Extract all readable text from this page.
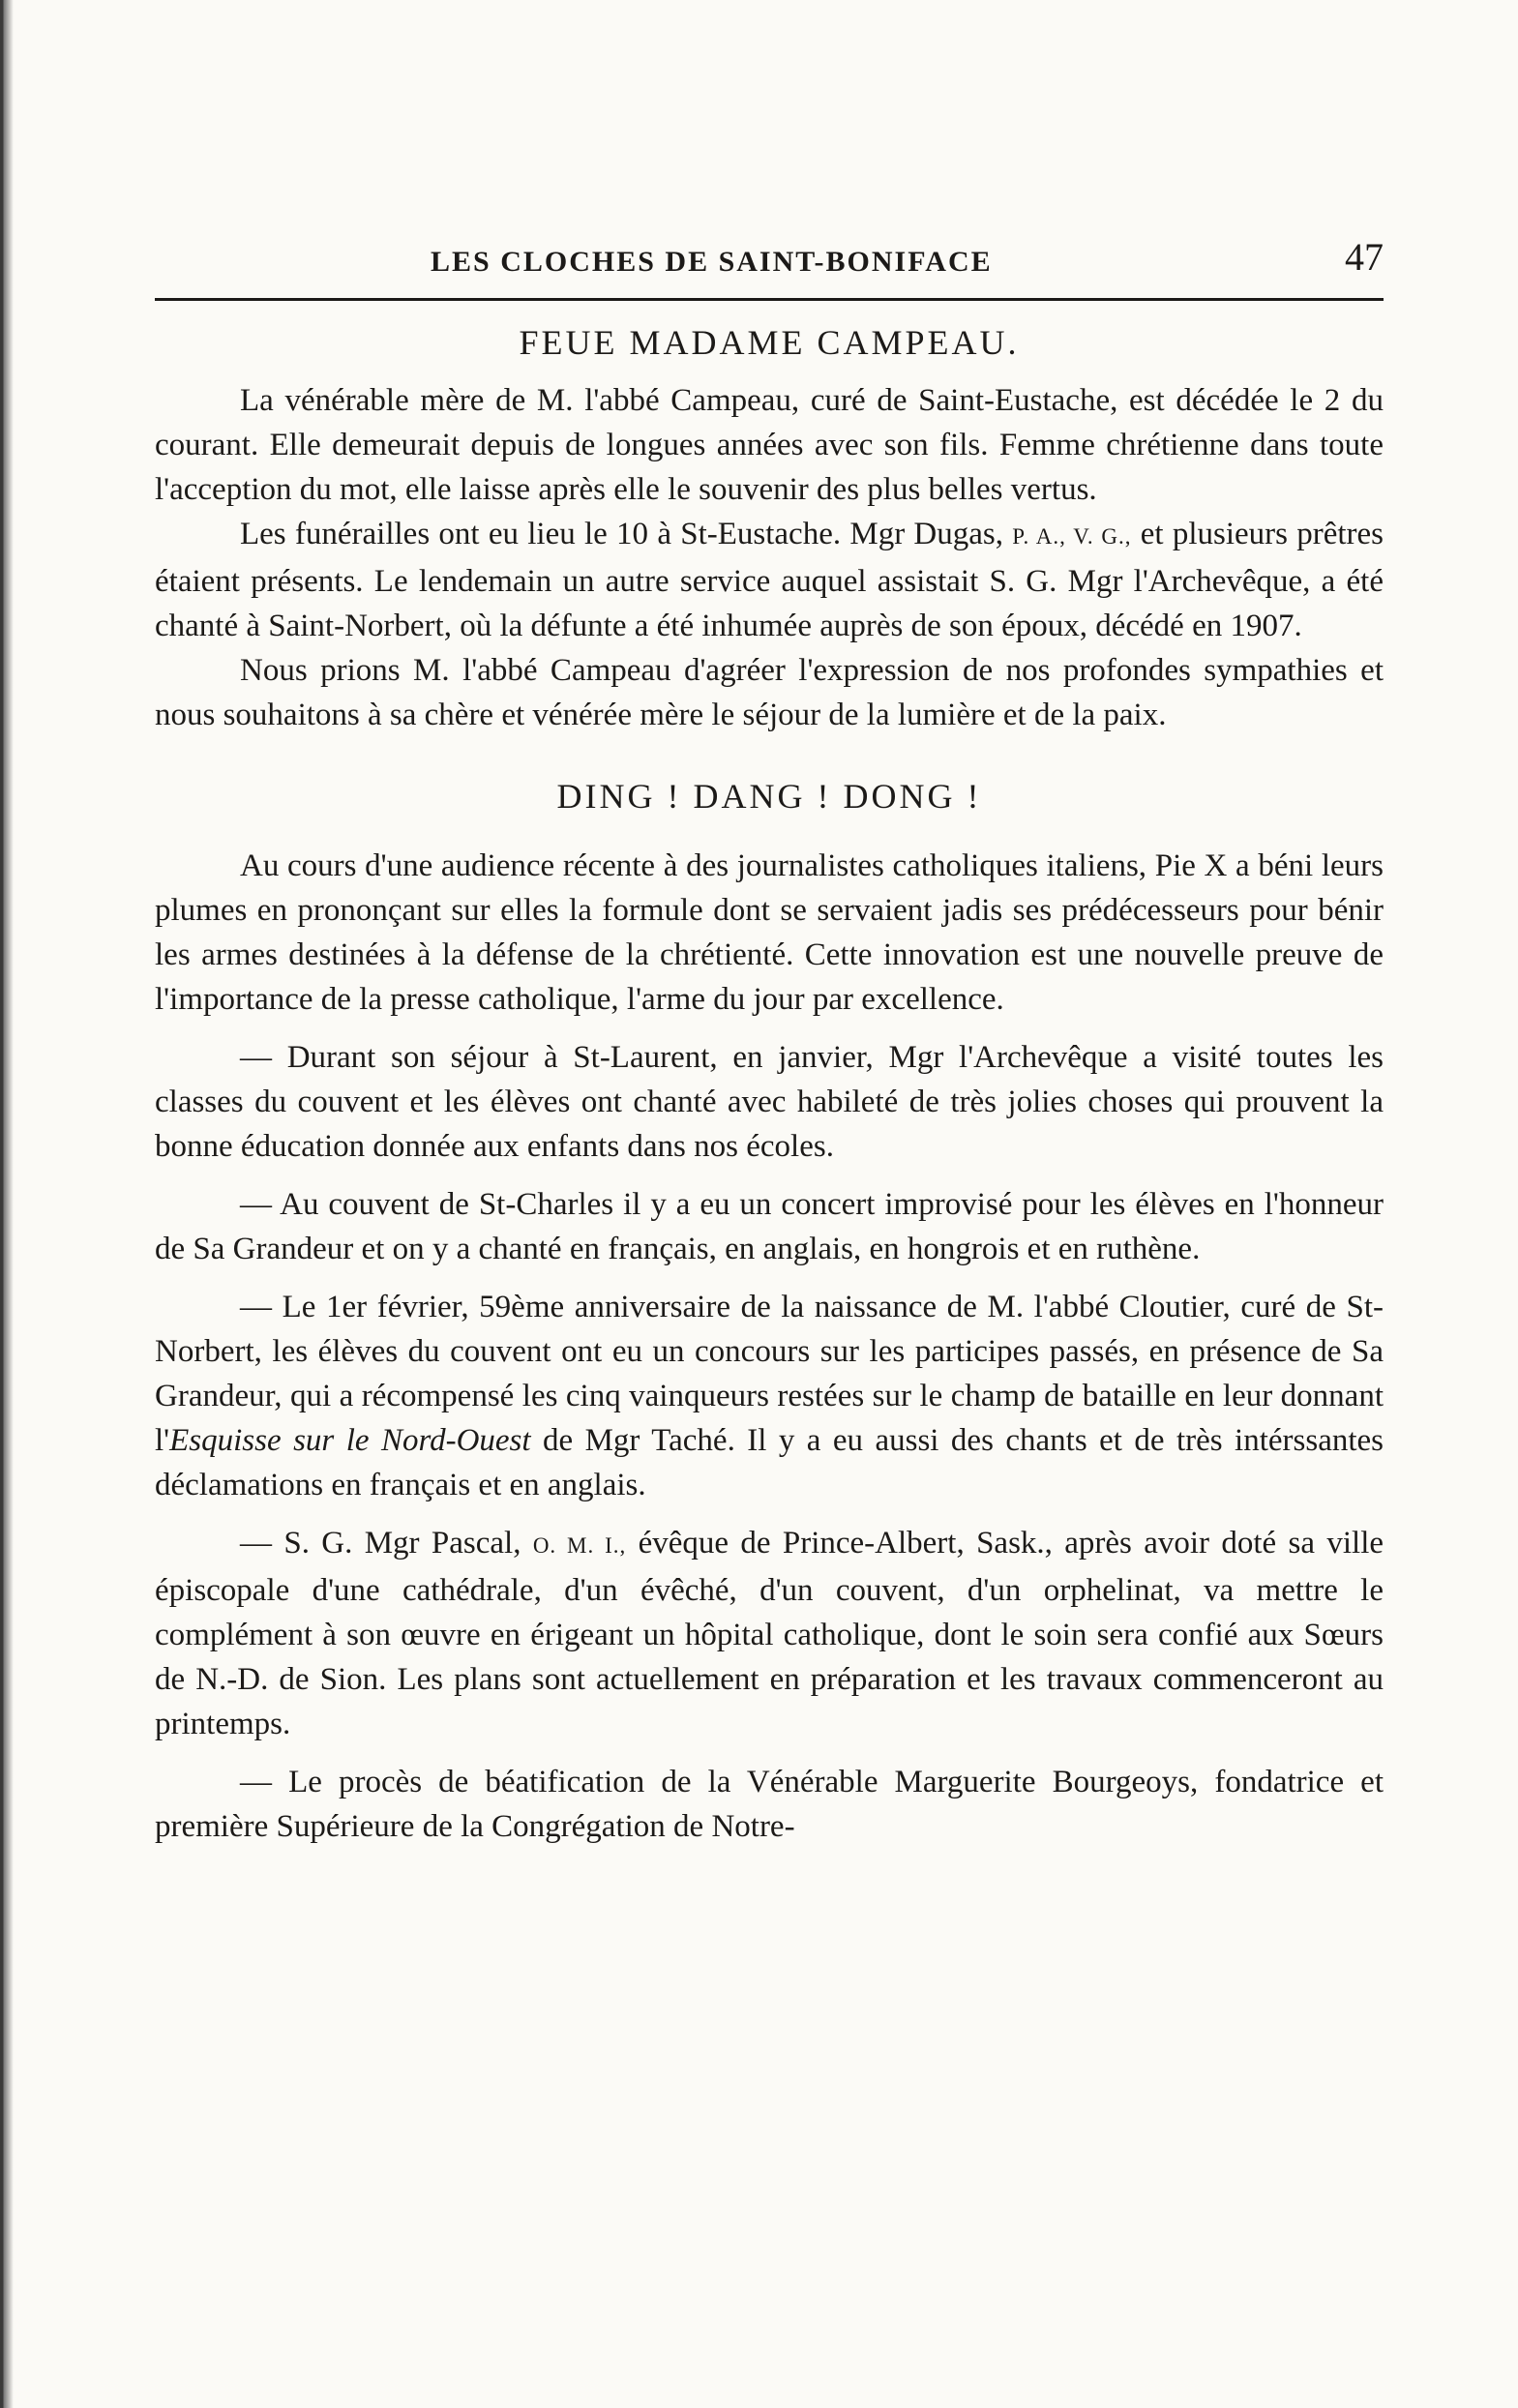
LES CLOCHES DE SAINT-BONIFACE	47
FEUE MADAME CAMPEAU.

La vénérable mère de M. l'abbé Campeau, curé de Saint-Eustache, est décédée le 2 du courant. Elle demeurait depuis de longues années avec son fils. Femme chrétienne dans toute l'acception du mot, elle laisse après elle le souvenir des plus belles vertus.

Les funérailles ont eu lieu le 10 à St-Eustache. Mgr Dugas, P. A., V. G., et plusieurs prêtres étaient présents. Le lendemain un autre service auquel assistait S. G. Mgr l'Archevêque, a été chanté à Saint-Norbert, où la défunte a été inhumée auprès de son époux, décédé en 1907.

Nous prions M. l'abbé Campeau d'agréer l'expression de nos profondes sympathies et nous souhaitons à sa chère et vénérée mère le séjour de la lumière et de la paix.

DING ! DANG ! DONG !

Au cours d'une audience récente à des journalistes catholiques italiens, Pie X a béni leurs plumes en prononçant sur elles la formule dont se servaient jadis ses prédécesseurs pour bénir les armes destinées à la défense de la chrétienté. Cette innovation est une nouvelle preuve de l'importance de la presse catholique, l'arme du jour par excellence.

— Durant son séjour à St-Laurent, en janvier, Mgr l'Archevêque a visité toutes les classes du couvent et les élèves ont chanté avec habileté de très jolies choses qui prouvent la bonne éducation donnée aux enfants dans nos écoles.

— Au couvent de St-Charles il y a eu un concert improvisé pour les élèves en l'honneur de Sa Grandeur et on y a chanté en français, en anglais, en hongrois et en ruthène.

— Le 1er février, 59ème anniversaire de la naissance de M. l'abbé Cloutier, curé de St-Norbert, les élèves du couvent ont eu un concours sur les participes passés, en présence de Sa Grandeur, qui a récompensé les cinq vainqueurs restées sur le champ de bataille en leur donnant l'Esquisse sur le Nord-Ouest de Mgr Taché. Il y a eu aussi des chants et de très intérssantes déclamations en français et en anglais.

— S. G. Mgr Pascal, O. M. I., évêque de Prince-Albert, Sask., après avoir doté sa ville épiscopale d'une cathédrale, d'un évêché, d'un couvent, d'un orphelinat, va mettre le complément à son œuvre en érigeant un hôpital catholique, dont le soin sera confié aux Sœurs de N.-D. de Sion. Les plans sont actuellement en préparation et les travaux commenceront au printemps.

— Le procès de béatification de la Vénérable Marguerite Bourgeoys, fondatrice et première Supérieure de la Congrégation de Notre-
